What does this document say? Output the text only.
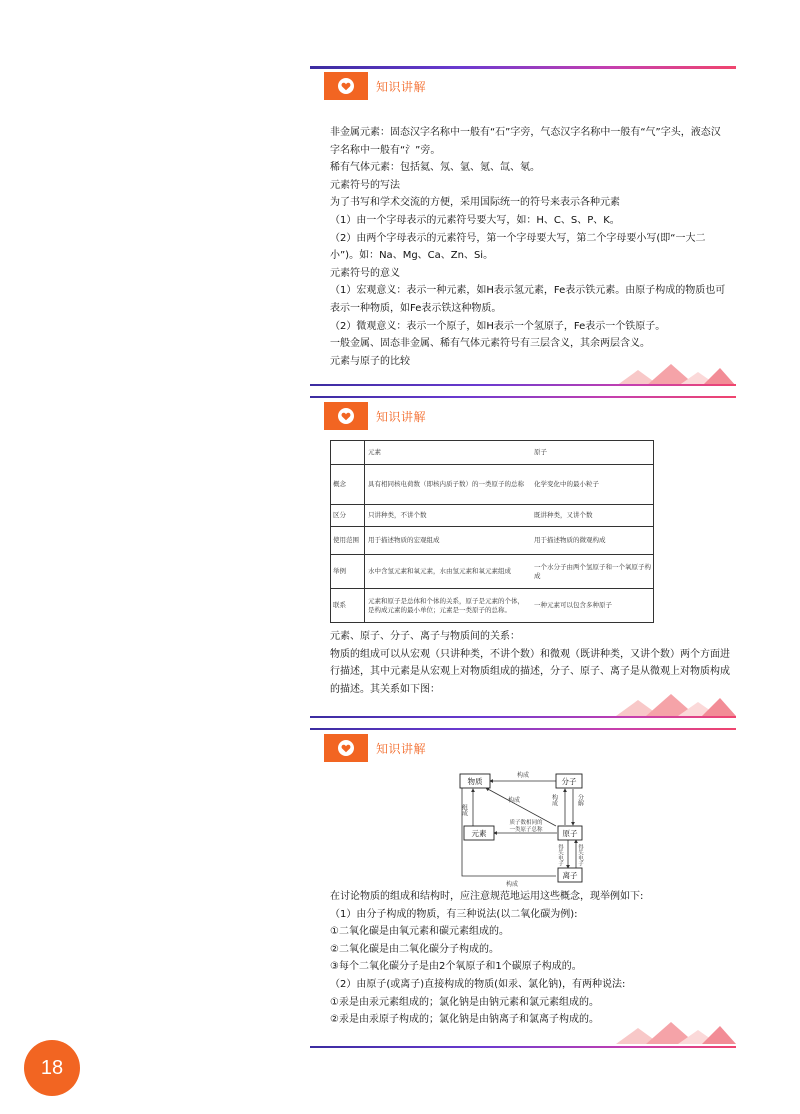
知识讲解

非金属元素：固态汉字名称中一般有“石”字旁，气态汉字名称中一般有“气”字头，液态汉字名称中一般有“氵”旁。

稀有气体元素：包括氦、氖、氩、氪、氙、氡。

元素符号的写法

为了书写和学术交流的方便，采用国际统一的符号来表示各种元素

（1）由一个字母表示的元素符号要大写，如：H、C、S、P、K。

（2）由两个字母表示的元素符号，第一个字母要大写，第二个字母要小写(即“一大二小”)。如：Na、Mg、Ca、Zn、Si。

元素符号的意义

（1）宏观意义：表示一种元素，如H表示氢元素，Fe表示铁元素。由原子构成的物质也可表示一种物质，如Fe表示铁这种物质。

（2）微观意义：表示一个原子，如H表示一个氢原子，Fe表示一个铁原子。

一般金属、固态非金属、稀有气体元素符号有三层含义，其余两层含义。

元素与原子的比较

知识讲解
	元素	原子
概念	具有相同核电荷数（即核内质子数）的一类原子的总称	化学变化中的最小粒子
区分	只讲种类，不讲个数	既讲种类，又讲个数
使用范围	用于描述物质的宏观组成	用于描述物质的微观构成
举例	水中含氢元素和氧元素，水由氢元素和氧元素组成	一个水分子由两个氢原子和一个氧原子构成
联系	元素和原子是总体和个体的关系，原子是元素的个体，是构成元素的最小单位；元素是一类原子的总称。	一种元素可以包含多种原子

元素、原子、分子、离子与物质间的关系：

物质的组成可以从宏观（只讲种类，不讲个数）和微观（既讲种类，又讲个数）两个方面进行描述，其中元素是从宏观上对物质组成的描述，分子、原子、离子是从微观上对物质构成的描述。其关系如下图：

知识讲解
物质	分子
元素	原子
离子
构成
组成
构成	构成	分解
质子数相同的
一类原子总称
得失电子	得失电子
构成

在讨论物质的组成和结构时，应注意规范地运用这些概念，现举例如下:

（1）由分子构成的物质，有三种说法(以二氧化碳为例):

①二氧化碳是由氧元素和碳元素组成的。

②二氧化碳是由二氧化碳分子构成的。

③每个二氧化碳分子是由2个氧原子和1个碳原子构成的。

（2）由原子(或离子)直接构成的物质(如汞、氯化钠)，有两种说法:

①汞是由汞元素组成的；氯化钠是由钠元素和氯元素组成的。

②汞是由汞原子构成的；氯化钠是由钠离子和氯离子构成的。

18
